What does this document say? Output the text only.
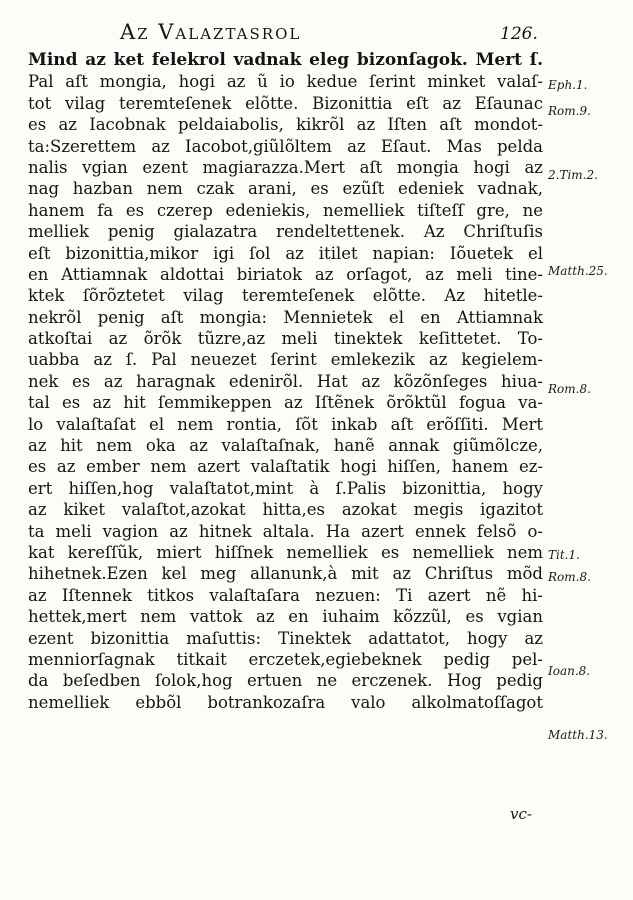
Az Valaztasrol	126.
Mind az ket felekrol vadnak eleg bizonſagok. Mert ſ.
Pal aſt mongia, hogi az ũ io kedue ſerint minket valaſ-
tot vilag teremteſenek elõtte. Bizonittia eſt az Eſaunac
es az Iacobnak peldaiabolis, kikrõl az Iſten aſt mondot-
ta:Szerettem az Iacobot,giũlõltem az Eſaut. Mas pelda
nalis vgian ezent magiarazza.Mert aſt mongia hogi az
nag hazban nem czak arani, es ezũſt edeniek vadnak,
hanem fa es czerep edeniekis, nemelliek tiſteſſ gre, ne
melliek penig gialazatra rendeltettenek. Az Chriſtuſis
eſt bizonittia,mikor igi ſol az itilet napian: Iõuetek el
en Attiamnak aldottai biriatok az orſagot, az meli tine-
ktek ſõrõztetet vilag teremteſenek elõtte. Az hitetle-
nekrõl penig aſt mongia: Mennietek el en Attiamnak
atkoſtai az õrõk tũzre,az meli tinektek keſittetet. To-
uabba az ſ. Pal neuezet ſerint emlekezik az kegielem-
nek es az haragnak edenirõl. Hat az kõzõnſeges hiua-
tal es az hit ſemmikeppen az Iſtẽnek õrõktũl fogua va-
lo valaſtaſat el nem rontia, ſõt inkab aſt erõſſiti. Mert
az hit nem oka az valaſtaſnak, hanẽ annak giũmõlcze,
es az ember nem azert valaſtatik hogi hiſſen, hanem ez-
ert hiſſen,hog valaſtatot,mint à ſ.Palis bizonittia, hogy
az kiket valaſtot,azokat hitta,es azokat megis igazitot
ta meli vagion az hitnek altala. Ha azert ennek felsõ o-
kat kereſſũk, miert hiſſnek nemelliek es nemelliek nem
hihetnek.Ezen kel meg allanunk,à mit az Chriſtus mõd
az Iſtennek titkos valaſtaſara nezuen: Ti azert nẽ hi-
hettek,mert nem vattok az en iuhaim kõzzũl, es vgian
ezent bizonittia maſuttis: Tinektek adattatot, hogy az
menniorſagnak titkait erczetek,egiebeknek pedig pel-
da beſedben ſolok,hog ertuen ne erczenek. Hog pedig
nemelliek ebbõl botrankozaſra valo alkolmatoſſagot
Eph.1.
Rom.9.
2.Tim.2.
Matth.25.
Rom.8.
Tit.1.
Rom.8.
Ioan.8.
Matth.13.
vc-
